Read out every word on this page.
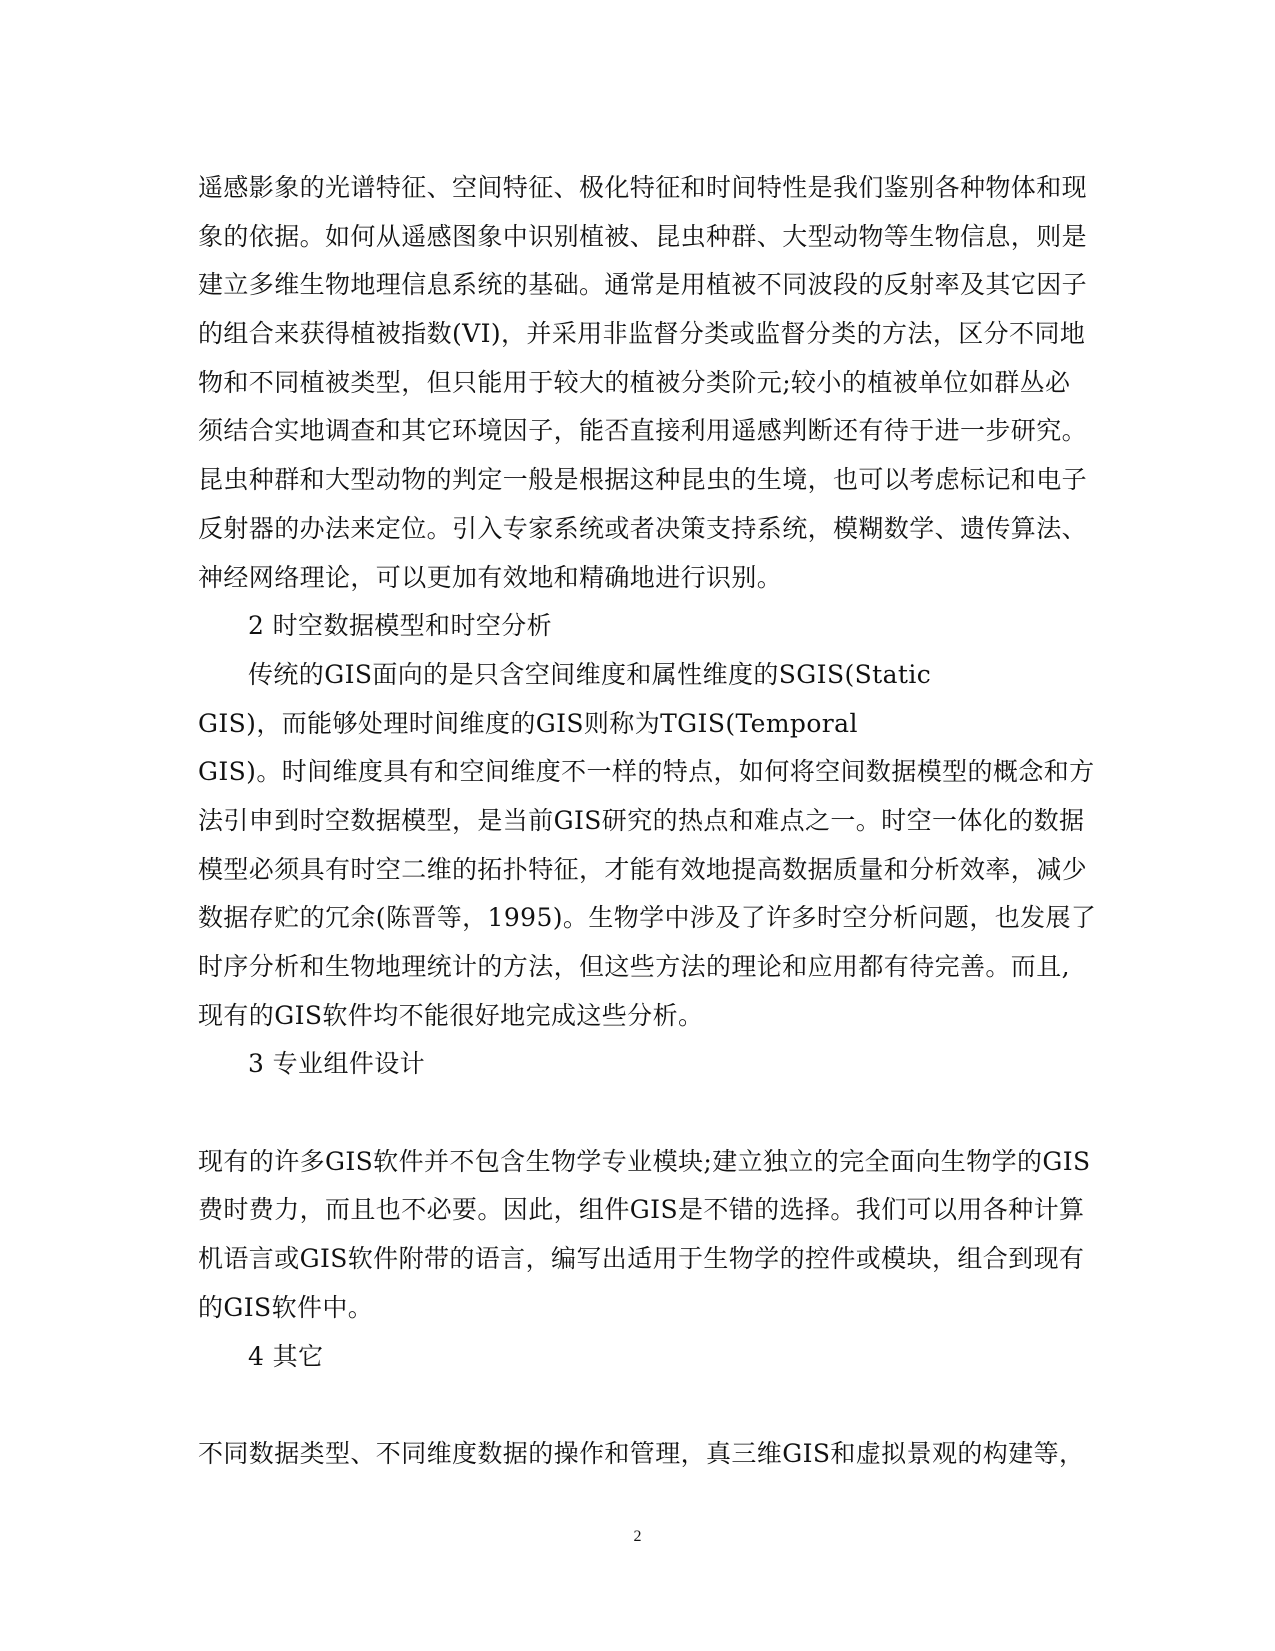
遥感影象的光谱特征、空间特征、极化特征和时间特性是我们鉴别各种物体和现
象的依据。如何从遥感图象中识别植被、昆虫种群、大型动物等生物信息，则是
建立多维生物地理信息系统的基础。通常是用植被不同波段的反射率及其它因子
的组合来获得植被指数(VI)，并采用非监督分类或监督分类的方法，区分不同地
物和不同植被类型，但只能用于较大的植被分类阶元;较小的植被单位如群丛必
须结合实地调查和其它环境因子，能否直接利用遥感判断还有待于进一步研究。
昆虫种群和大型动物的判定一般是根据这种昆虫的生境，也可以考虑标记和电子
反射器的办法来定位。引入专家系统或者决策支持系统，模糊数学、遗传算法、
神经网络理论，可以更加有效地和精确地进行识别。
2 时空数据模型和时空分析
传统的GIS面向的是只含空间维度和属性维度的SGIS(Static
GIS)，而能够处理时间维度的GIS则称为TGIS(Temporal
GIS)。时间维度具有和空间维度不一样的特点，如何将空间数据模型的概念和方
法引申到时空数据模型，是当前GIS研究的热点和难点之一。时空一体化的数据
模型必须具有时空二维的拓扑特征，才能有效地提高数据质量和分析效率，减少
数据存贮的冗余(陈晋等，1995)。生物学中涉及了许多时空分析问题，也发展了
时序分析和生物地理统计的方法，但这些方法的理论和应用都有待完善。而且,
现有的GIS软件均不能很好地完成这些分析。
3 专业组件设计
现有的许多GIS软件并不包含生物学专业模块;建立独立的完全面向生物学的GIS
费时费力，而且也不必要。因此，组件GIS是不错的选择。我们可以用各种计算
机语言或GIS软件附带的语言，编写出适用于生物学的控件或模块，组合到现有
的GIS软件中。
4 其它
不同数据类型、不同维度数据的操作和管理，真三维GIS和虚拟景观的构建等，
2
